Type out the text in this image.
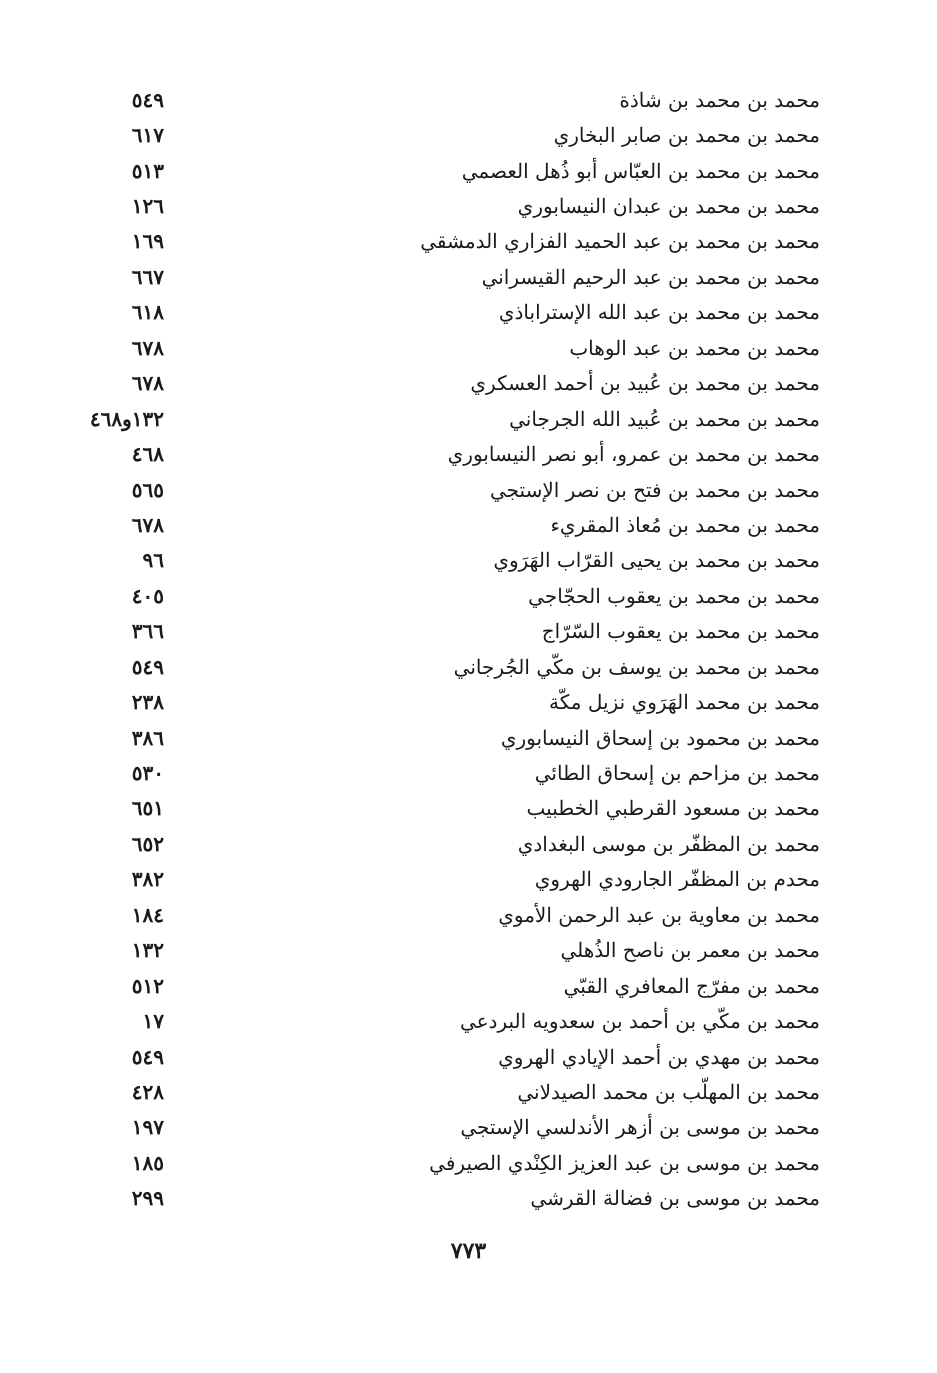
٥٤٩	محمد بن محمد بن شاذة
٦١٧	محمد بن محمد بن صابر البخاري
٥١٣	محمد بن محمد بن العبّاس أبو ذُهل العصمي
١٢٦	محمد بن محمد بن عبدان النيسابوري
١٦٩	محمد بن محمد بن عبد الحميد الفزاري الدمشقي
٦٦٧	محمد بن محمد بن عبد الرحيم القيسراني
٦١٨	محمد بن محمد بن عبد الله الإستراباذي
٦٧٨	محمد بن محمد بن عبد الوهاب
٦٧٨	محمد بن محمد بن عُبيد بن أحمد العسكري
١٣٢و٤٦٨	محمد بن محمد بن عُبيد الله الجرجاني
٤٦٨	محمد بن محمد بن عمرو، أبو نصر النيسابوري
٥٦٥	محمد بن محمد بن فتح بن نصر الإستجي
٦٧٨	محمد بن محمد بن مُعاذ المقريء
٩٦	محمد بن محمد بن يحيى القرّاب الهَرَوي
٤٠٥	محمد بن محمد بن يعقوب الحجّاجي
٣٦٦	محمد بن محمد بن يعقوب السّرّاج
٥٤٩	محمد بن محمد بن يوسف بن مكّي الجُرجاني
٢٣٨	محمد بن محمد الهَرَوي نزيل مكّة
٣٨٦	محمد بن محمود بن إسحاق النيسابوري
٥٣٠	محمد بن مزاحم بن إسحاق الطائي
٦٥١	محمد بن مسعود القرطبي الخطبيب
٦٥٢	محمد بن المظفّر بن موسى البغدادي
٣٨٢	محدم بن المظفّر الجارودي الهروي
١٨٤	محمد بن معاوية بن عبد الرحمن الأموي
١٣٢	محمد بن معمر بن ناصح الذُهلي
٥١٢	محمد بن مفرّج المعافري القبّي
١٧	محمد بن مكّي بن أحمد بن سعدويه البردعي
٥٤٩	محمد بن مهدي بن أحمد الإيادي الهروي
٤٢٨	محمد بن المهلّب بن محمد الصيدلاني
١٩٧	محمد بن موسى بن أزهر الأندلسي الإستجي
١٨٥	محمد بن موسى بن عبد العزيز الكِنْدي الصيرفي
٢٩٩	محمد بن موسى بن فضالة القرشي
٧٧٣
